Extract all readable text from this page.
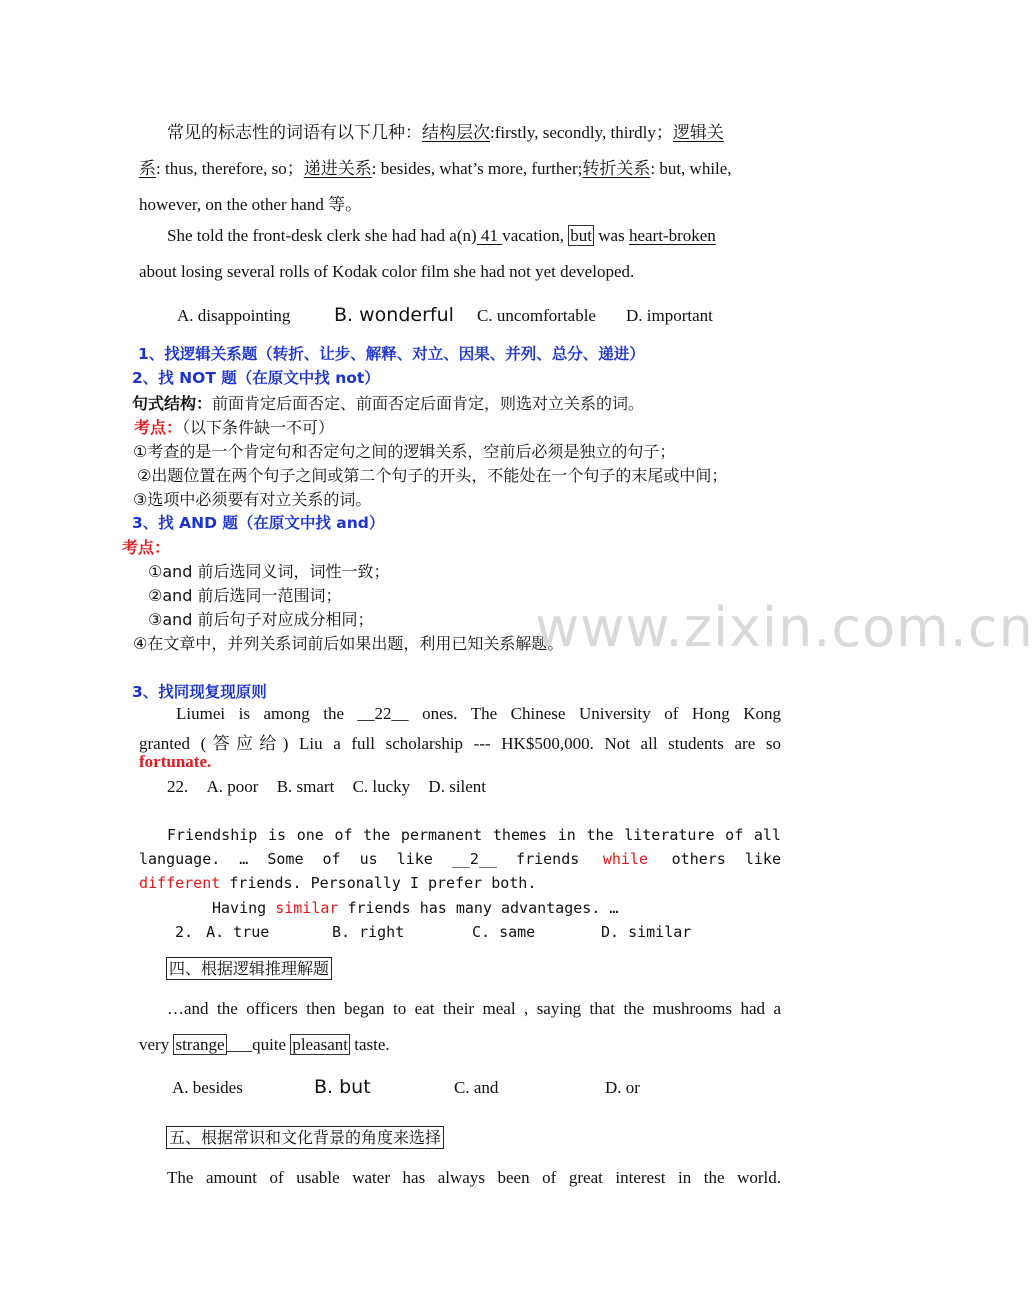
常见的标志性的词语有以下几种：结构层次:firstly, secondly, thirdly；逻辑关
系: thus, therefore, so；递进关系: besides, what’s more, further;转折关系: but, while,
however, on the other hand 等。
She told the front-desk clerk she had had a(n) 41 vacation, but was heart-broken
about losing several rolls of Kodak color film she had not yet developed.
A. disappointing B. wonderful C. uncomfortable D. important
1、找逻辑关系题（转折、让步、解释、对立、因果、并列、总分、递进）
2、找 NOT 题（在原文中找 not）
句式结构：前面肯定后面否定、前面否定后面肯定，则选对立关系的词。
考点：（以下条件缺一不可）
①考查的是一个肯定句和否定句之间的逻辑关系，空前后必须是独立的句子；
②出题位置在两个句子之间或第二个句子的开头，不能处在一个句子的末尾或中间；
③选项中必须要有对立关系的词。
3、找 AND 题（在原文中找 and）
考点：
①and 前后选同义词，词性一致；
②and 前后选同一范围词；
③and 前后句子对应成分相同；
④在文章中，并列关系词前后如果出题，利用已知关系解题。
www.zixin.com.cn
3、找同现复现原则
Liumei is among the __22__ ones. The Chinese University of Hong Kong
granted (答应给) Liu a full scholarship --- HK$500,000. Not all students are so
fortunate.
22. A. poor B. smart C. lucky D. silent
Friendship is one of the permanent themes in the literature of all
language. … Some of us like __2__ friends while others like
different friends. Personally I prefer both.
Having similar friends has many advantages. …
2. A. true	B. right	C. same	D. similar
四、根据逻辑推理解题
…and the officers then began to eat their meal , saying that the mushrooms had a
very strange ___quite pleasant taste.
A. besides	B. but	C. and	D. or
五、根据常识和文化背景的角度来选择
The amount of usable water has always been of great interest in the world.
